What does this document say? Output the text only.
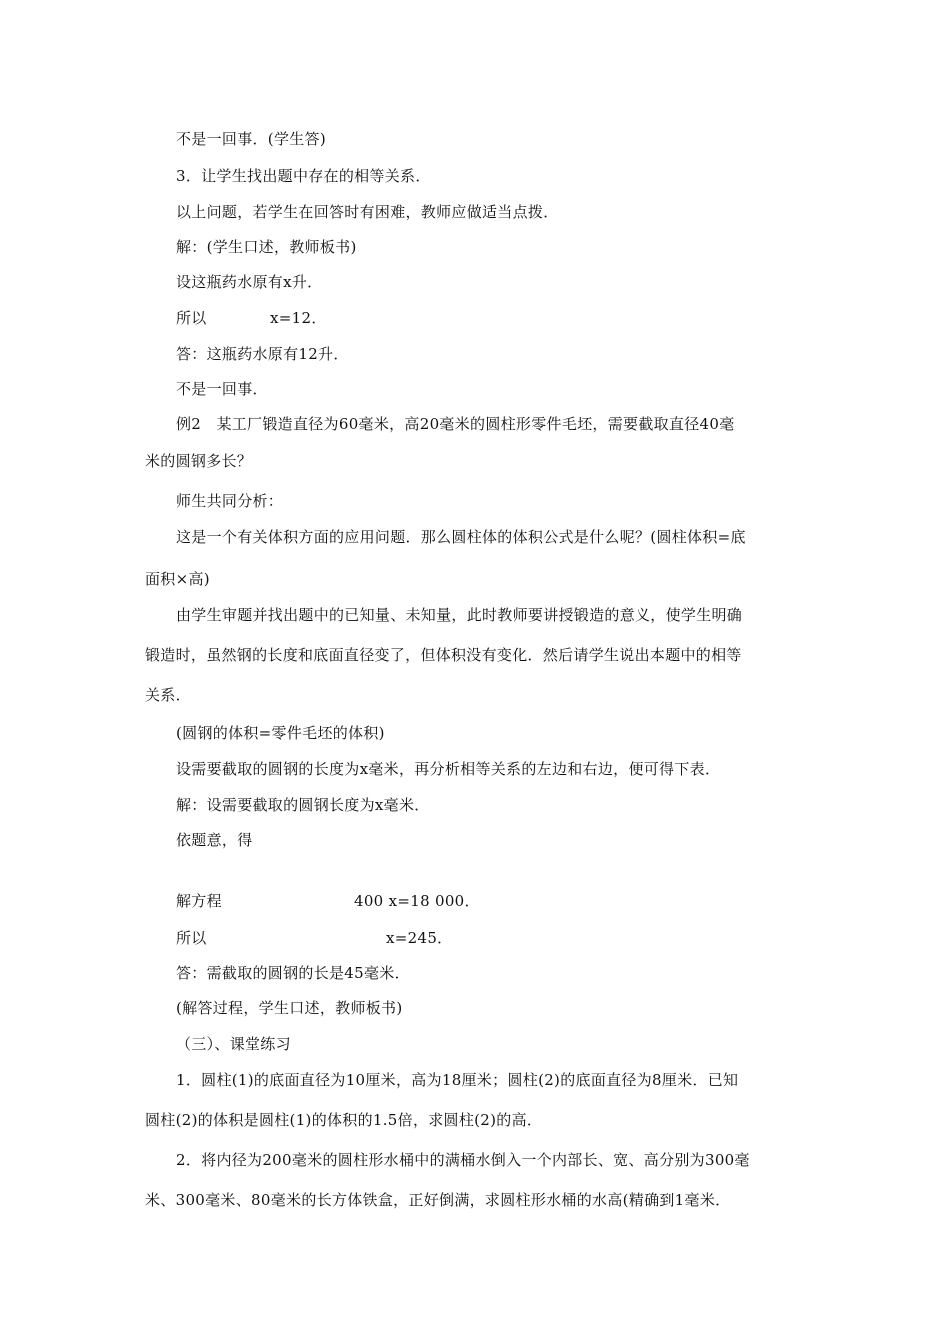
不是一回事．(学生答)
3．让学生找出题中存在的相等关系．
以上问题，若学生在回答时有困难，教师应做适当点拨．
解：(学生口述，教师板书)
设这瓶药水原有x升．
所以	x=12．
答：这瓶药水原有12升．
不是一回事．
例2　某工厂锻造直径为60毫米，高20毫米的圆柱形零件毛坯，需要截取直径40毫
米的圆钢多长？
师生共同分析：
这是一个有关体积方面的应用问题．那么圆柱体的体积公式是什么呢？(圆柱体积=底
面积×高)
由学生审题并找出题中的已知量、未知量，此时教师要讲授锻造的意义，使学生明确
锻造时，虽然钢的长度和底面直径变了，但体积没有变化．然后请学生说出本题中的相等
关系．
(圆钢的体积=零件毛坯的体积)
设需要截取的圆钢的长度为x毫米，再分析相等关系的左边和右边，便可得下表．
解：设需要截取的圆钢长度为x毫米．
依题意，得
解方程	400 x=18 000．
所以	x=245．
答：需截取的圆钢的长是45毫米．
(解答过程，学生口述，教师板书)
（三）、课堂练习
1．圆柱(1)的底面直径为10厘米，高为18厘米；圆柱(2)的底面直径为8厘米．已知
圆柱(2)的体积是圆柱(1)的体积的1.5倍，求圆柱(2)的高．
2．将内径为200毫米的圆柱形水桶中的满桶水倒入一个内部长、宽、高分别为300毫
米、300毫米、80毫米的长方体铁盒，正好倒满，求圆柱形水桶的水高(精确到1毫米．
